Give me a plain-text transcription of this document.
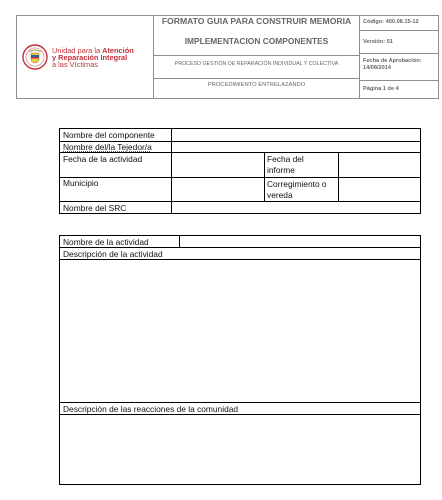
Unidad para la Atención
y Reparación Integral
a las Víctimas
FORMATO GUIA PARA CONSTRUIR MEMORIA
IMPLEMENTACION COMPONENTES
PROCESO GESTIÓN DE REPARACIÓN INDIVIDUAL Y COLECTIVA
PROCEDIMIENTO ENTRELAZANDO
Código: 400.08.15-12
Versión: 01
Fecha de Aprobación:
14/08/2014
Página 1 de 4
Nombre del componente
Nombre del/la Tejedor/a
Fecha de la actividad	Fecha del
informe
Municipio	Corregimiento o
vereda
Nombre del SRC
Nombre de la actividad
Descripción de la actividad
Descripción de las reacciones de la comunidad
